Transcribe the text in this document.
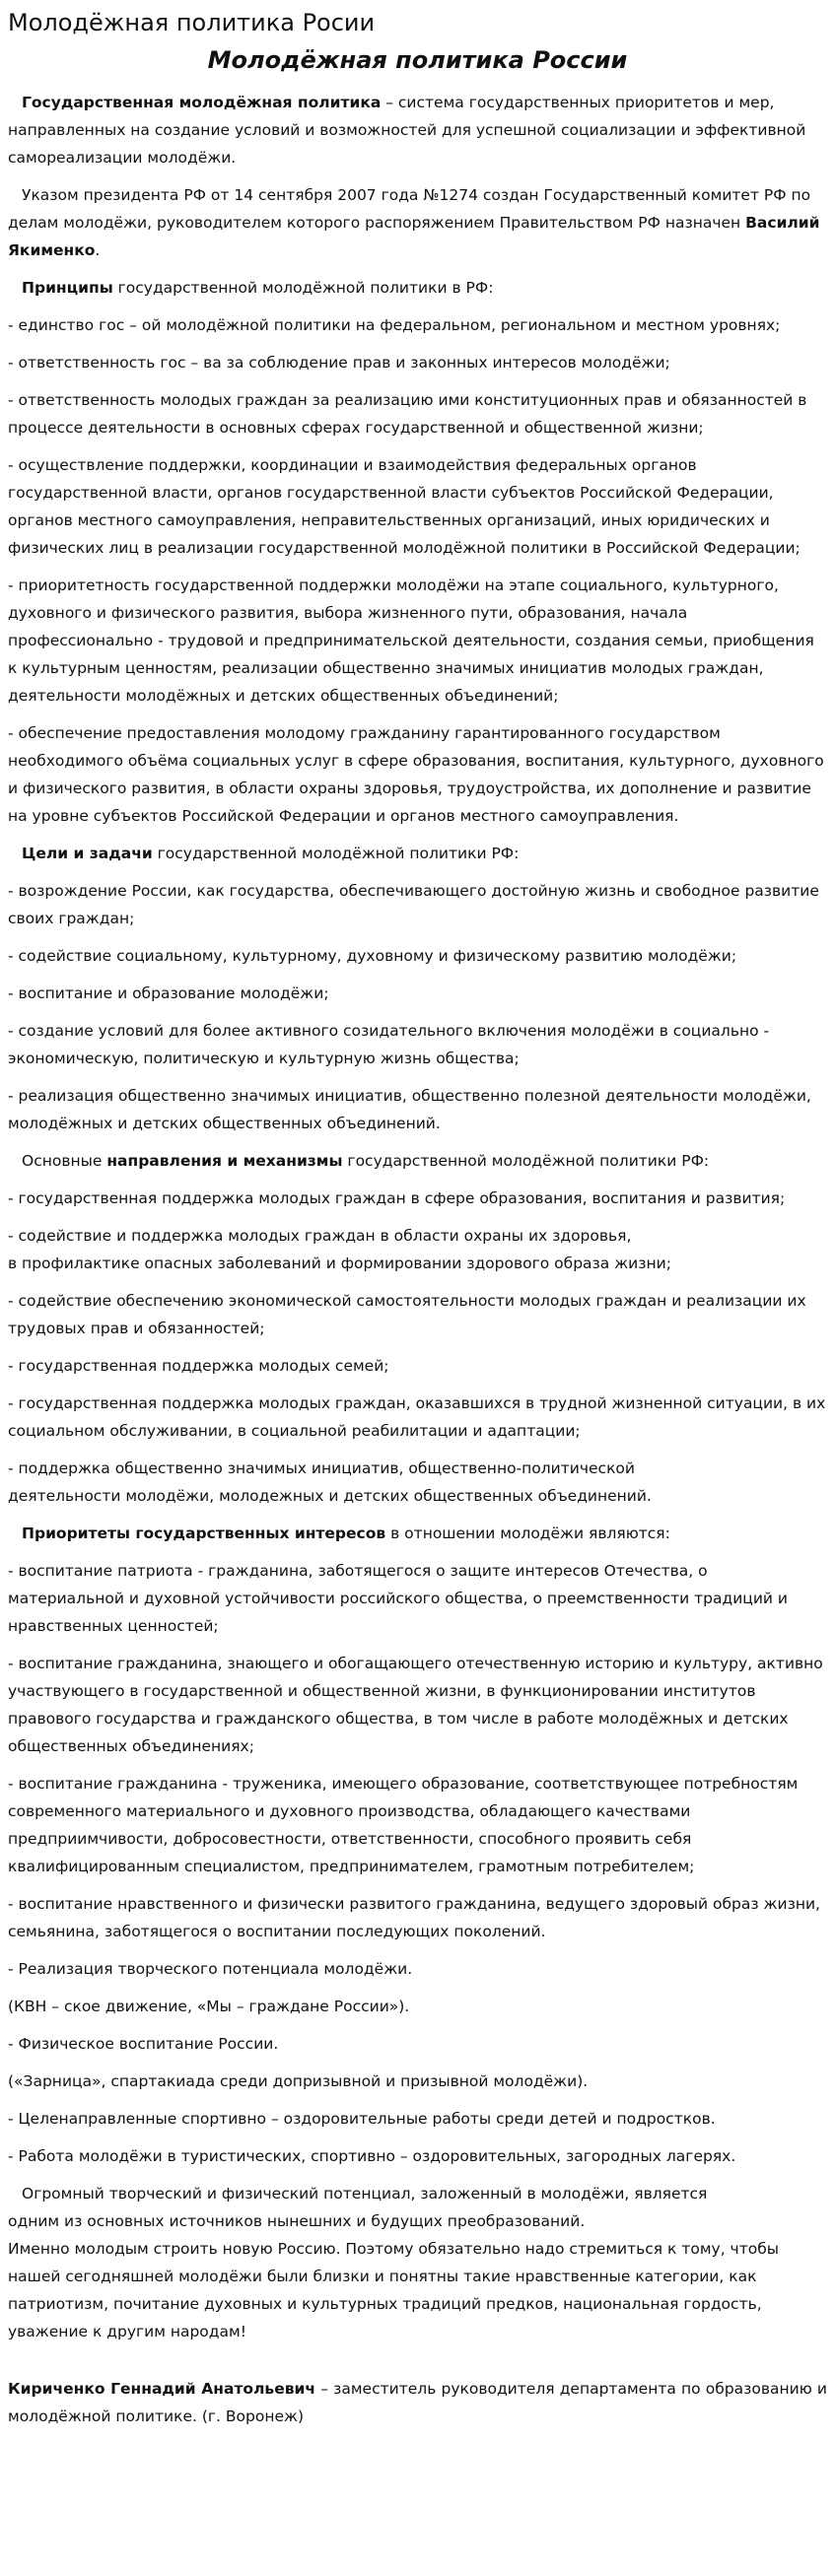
Молодёжная политика Росии
Молодёжная политика России

Государственная молодёжная политика – система государственных приоритетов и мер, направленных на создание условий и возможностей для успешной социализации и эффективной самореализации молодёжи.

Указом президента РФ от 14 сентября 2007 года №1274 создан Государственный комитет РФ по делам молодёжи, руководителем которого распоряжением Правительством РФ назначен Василий Якименко.

Принципы государственной молодёжной политики в РФ:

- единство гос – ой молодёжной политики на федеральном, региональном и местном уровнях;

- ответственность гос – ва за соблюдение прав и законных интересов молодёжи;

- ответственность молодых граждан за реализацию ими конституционных прав и обязанностей в процессе деятельности в основных сферах государственной и общественной жизни;

- осуществление поддержки, координации и взаимодействия федеральных органов государственной власти, органов государственной власти субъектов Российской Федерации, органов местного самоуправления, неправительственных организаций, иных юридических и физических лиц в реализации государственной молодёжной политики в Российской Федерации;

- приоритетность государственной поддержки молодёжи на этапе социального, культурного, духовного и физического развития, выбора жизненного пути, образования, начала профессионально - трудовой и предпринимательской деятельности, создания семьи, приобщения к культурным ценностям, реализации общественно значимых инициатив молодых граждан, деятельности молодёжных и детских общественных объединений;

- обеспечение предоставления молодому гражданину гарантированного государством необходимого объёма социальных услуг в сфере образования, воспитания, культурного, духовного и физического развития, в области охраны здоровья, трудоустройства, их дополнение и развитие на уровне субъектов Российской Федерации и органов местного самоуправления.

Цели и задачи государственной молодёжной политики РФ:

- возрождение России, как государства, обеспечивающего достойную жизнь и свободное развитие своих граждан;

- содействие социальному, культурному, духовному и физическому развитию молодёжи;

- воспитание и образование молодёжи;

- создание условий для более активного созидательного включения молодёжи в социально - экономическую, политическую и культурную жизнь общества;

- реализация общественно значимых инициатив, общественно полезной деятельности молодёжи, молодёжных и детских общественных объединений.

Основные направления и механизмы государственной молодёжной политики РФ:

- государственная поддержка молодых граждан в сфере образования, воспитания и развития;

- содействие и поддержка молодых граждан в области охраны их здоровья,
в профилактике опасных заболеваний и формировании здорового образа жизни;

- содействие обеспечению экономической самостоятельности молодых граждан и реализации их трудовых прав и обязанностей;

- государственная поддержка молодых семей;

- государственная поддержка молодых граждан, оказавшихся в трудной жизненной ситуации, в их социальном обслуживании, в социальной реабилитации и адаптации;

- поддержка общественно значимых инициатив, общественно-политической
деятельности молодёжи, молодежных и детских общественных объединений.

Приоритеты государственных интересов в отношении молодёжи являются:

- воспитание патриота - гражданина, заботящегося о защите интересов Отечества, о материальной и духовной устойчивости российского общества, о преемственности традиций и нравственных ценностей;

- воспитание гражданина, знающего и обогащающего отечественную историю и культуру, активно участвующего в государственной и общественной жизни, в функционировании институтов правового государства и гражданского общества, в том числе в работе молодёжных и детских общественных объединениях;

- воспитание гражданина - труженика, имеющего образование, соответствующее потребностям современного материального и духовного производства, обладающего качествами предприимчивости, добросовестности, ответственности, способного проявить себя квалифицированным специалистом, предпринимателем, грамотным потребителем;

- воспитание нравственного и физически развитого гражданина, ведущего здоровый образ жизни, семьянина, заботящегося о воспитании последующих поколений.

- Реализация творческого потенциала молодёжи.

(КВН – ское движение, «Мы – граждане России»).

- Физическое воспитание России.

(«Зарница», спартакиада среди допризывной и призывной молодёжи).

- Целенаправленные спортивно – оздоровительные работы среди детей и подростков.

- Работа молодёжи в туристических, спортивно – оздоровительных, загородных лагерях.

Огромный творческий и физический потенциал, заложенный в молодёжи, является
одним из основных источников нынешних и будущих преобразований.
Именно молодым строить новую Россию. Поэтому обязательно надо стремиться к тому, чтобы нашей сегодняшней молодёжи были близки и понятны такие нравственные категории, как патриотизм, почитание духовных и культурных традиций предков, национальная гордость, уважение к другим народам!

Кириченко Геннадий Анатольевич – заместитель руководителя департамента по образованию и молодёжной политике. (г. Воронеж)
